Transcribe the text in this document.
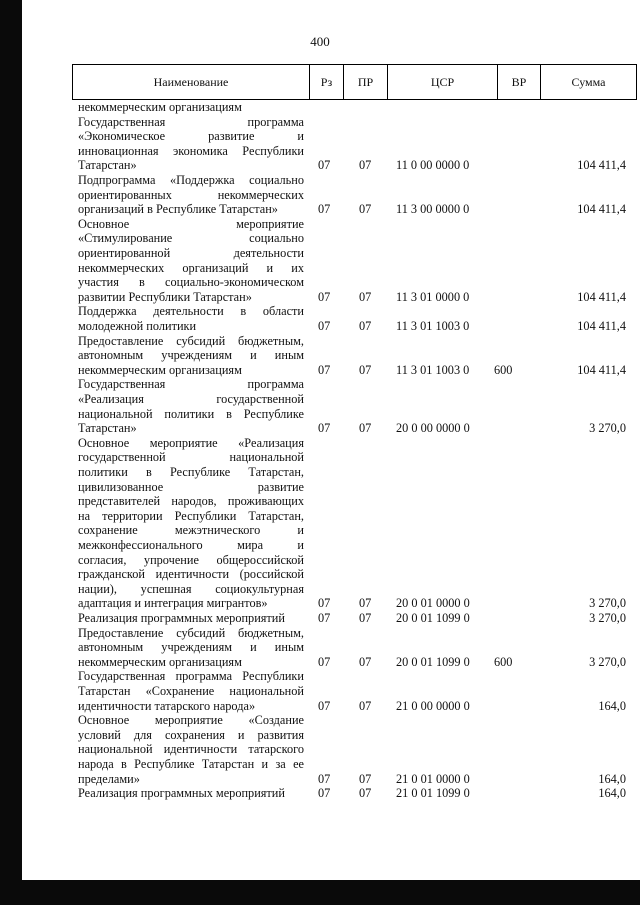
400
Наименование	Рз	ПР	ЦСР	ВР	Сумма
некоммерческим организациям
Государственная программа
«Экономическое развитие и
инновационная экономика Республики
Татарстан»	07 07 11 0 00 0000 0	104 411,4
Подпрограмма «Поддержка социально
ориентированных некоммерческих
организаций в Республике Татарстан»	07 07 11 3 00 0000 0	104 411,4
Основное мероприятие
«Стимулирование социально
ориентированной деятельности
некоммерческих организаций и их
участия в социально-экономическом
развитии Республики Татарстан»	07 07 11 3 01 0000 0	104 411,4
Поддержка деятельности в области
молодежной политики	07 07 11 3 01 1003 0	104 411,4
Предоставление субсидий бюджетным,
автономным учреждениям и иным
некоммерческим организациям	07 07 11 3 01 1003 0 600	104 411,4
Государственная программа
«Реализация государственной
национальной политики в Республике
Татарстан»	07 07 20 0 00 0000 0	3 270,0
Основное мероприятие «Реализация
государственной национальной
политики в Республике Татарстан,
цивилизованное развитие
представителей народов, проживающих
на территории Республики Татарстан,
сохранение межэтнического и
межконфессионального мира и
согласия, упрочение общероссийской
гражданской идентичности (российской
нации), успешная социокультурная
адаптация и интеграция мигрантов»	07 07 20 0 01 0000 0	3 270,0
Реализация программных мероприятий	07 07 20 0 01 1099 0	3 270,0
Предоставление субсидий бюджетным,
автономным учреждениям и иным
некоммерческим организациям	07 07 20 0 01 1099 0 600	3 270,0
Государственная программа Республики
Татарстан «Сохранение национальной
идентичности татарского народа»	07 07 21 0 00 0000 0	164,0
Основное мероприятие «Создание
условий для сохранения и развития
национальной идентичности татарского
народа в Республике Татарстан и за ее
пределами»	07 07 21 0 01 0000 0	164,0
Реализация программных мероприятий	07 07 21 0 01 1099 0	164,0
